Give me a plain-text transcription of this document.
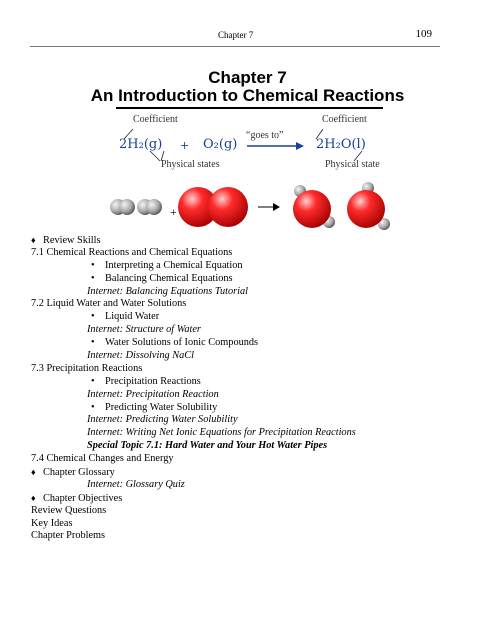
Chapter 7	109
Chapter 7
An Introduction to Chemical Reactions
Coefficient	Coefficient
“goes to”
2H₂(g) + O₂(g)	2H₂O(l)
Physical states	Physical state
+
♦ Review Skills
7.1 Chemical Reactions and Chemical Equations
• Interpreting a Chemical Equation
• Balancing Chemical Equations
Internet: Balancing Equations Tutorial
7.2 Liquid Water and Water Solutions
• Liquid Water
Internet: Structure of Water
• Water Solutions of Ionic Compounds
Internet: Dissolving NaCl
7.3 Precipitation Reactions
• Precipitation Reactions
Internet: Precipitation Reaction
• Predicting Water Solubility
Internet: Predicting Water Solubility
Internet: Writing Net Ionic Equations for Precipitation Reactions
Special Topic 7.1: Hard Water and Your Hot Water Pipes
7.4 Chemical Changes and Energy
♦ Chapter Glossary
Internet: Glossary Quiz
♦ Chapter Objectives
Review Questions
Key Ideas
Chapter Problems
